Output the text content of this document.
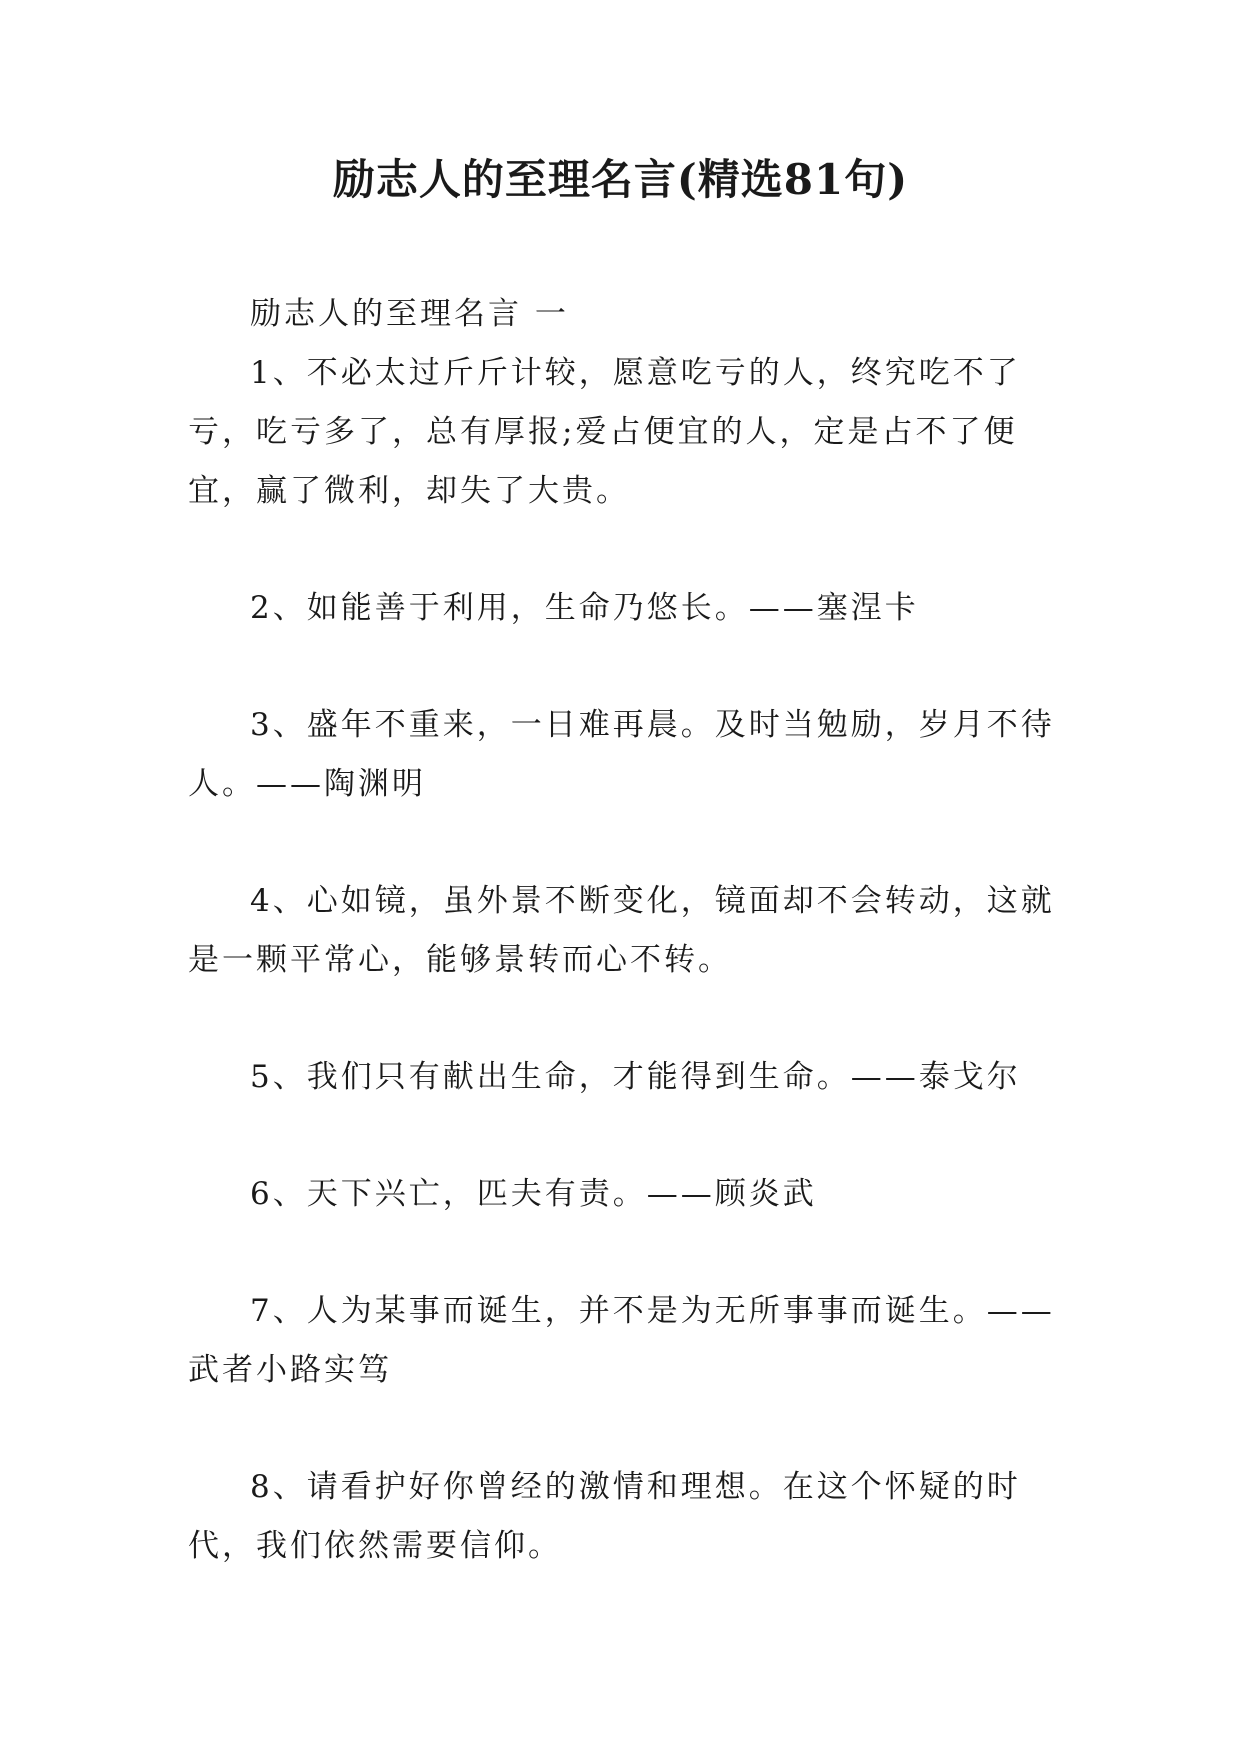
励志人的至理名言(精选81句)

励志人的至理名言 一

1、不必太过斤斤计较，愿意吃亏的人，终究吃不了亏，吃亏多了，总有厚报;爱占便宜的人，定是占不了便宜，赢了微利，却失了大贵。

2、如能善于利用，生命乃悠长。——塞涅卡

3、盛年不重来，一日难再晨。及时当勉励，岁月不待人。——陶渊明

4、心如镜，虽外景不断变化，镜面却不会转动，这就是一颗平常心，能够景转而心不转。

5、我们只有献出生命，才能得到生命。——泰戈尔

6、天下兴亡，匹夫有责。——顾炎武

7、人为某事而诞生，并不是为无所事事而诞生。——武者小路实笃

8、请看护好你曾经的激情和理想。在这个怀疑的时代，我们依然需要信仰。
